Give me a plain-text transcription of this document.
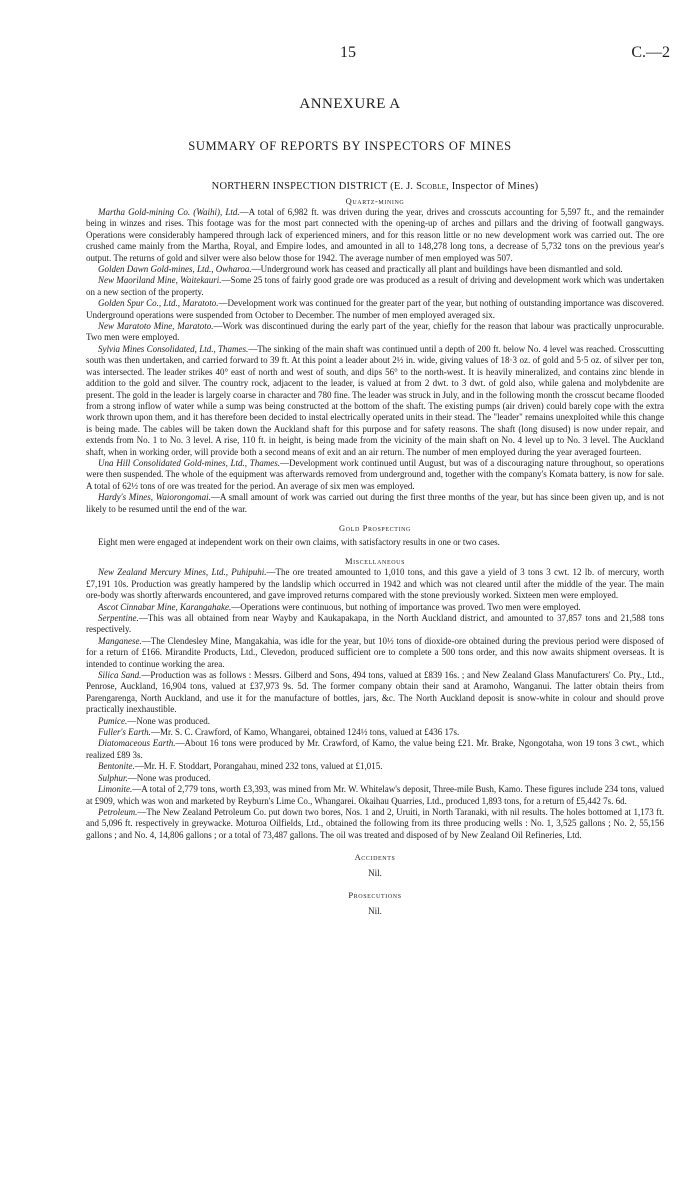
15	C.—2
ANNEXURE A
SUMMARY OF REPORTS BY INSPECTORS OF MINES
NORTHERN INSPECTION DISTRICT (E. J. Scoble, Inspector of Mines)
Quartz-mining

Martha Gold-mining Co. (Waihi), Ltd.—A total of 6,982 ft. was driven during the year, drives and crosscuts accounting for 5,597 ft., and the remainder being in winzes and rises. This footage was for the most part connected with the opening-up of arches and pillars and the driving of footwall gangways. Operations were considerably hampered through lack of experienced miners, and for this reason little or no new development work was carried out. The ore crushed came mainly from the Martha, Royal, and Empire lodes, and amounted in all to 148,278 long tons, a decrease of 5,732 tons on the previous year's output. The returns of gold and silver were also below those for 1942. The average number of men employed was 507.

Golden Dawn Gold-mines, Ltd., Owharoa.—Underground work has ceased and practically all plant and buildings have been dismantled and sold.

New Maoriland Mine, Waitekauri.—Some 25 tons of fairly good grade ore was produced as a result of driving and development work which was undertaken on a new section of the property.

Golden Spur Co., Ltd., Maratoto.—Development work was continued for the greater part of the year, but nothing of outstanding importance was discovered. Underground operations were suspended from October to December. The number of men employed averaged six.

New Maratoto Mine, Maratoto.—Work was discontinued during the early part of the year, chiefly for the reason that labour was practically unprocurable. Two men were employed.

Sylvia Mines Consolidated, Ltd., Thames.—The sinking of the main shaft was continued until a depth of 200 ft. below No. 4 level was reached. Crosscutting south was then undertaken, and carried forward to 39 ft. At this point a leader about 2½ in. wide, giving values of 18·3 oz. of gold and 5·5 oz. of silver per ton, was intersected. The leader strikes 40° east of north and west of south, and dips 56° to the north-west. It is heavily mineralized, and contains zinc blende in addition to the gold and silver. The country rock, adjacent to the leader, is valued at from 2 dwt. to 3 dwt. of gold also, while galena and molybdenite are present. The gold in the leader is largely coarse in character and 780 fine. The leader was struck in July, and in the following month the crosscut became flooded from a strong inflow of water while a sump was being constructed at the bottom of the shaft. The existing pumps (air driven) could barely cope with the extra work thrown upon them, and it has therefore been decided to instal electrically operated units in their stead. The "leader" remains unexploited while this change is being made. The cables will be taken down the Auckland shaft for this purpose and for safety reasons. The shaft (long disused) is now under repair, and extends from No. 1 to No. 3 level. A rise, 110 ft. in height, is being made from the vicinity of the main shaft on No. 4 level up to No. 3 level. The Auckland shaft, when in working order, will provide both a second means of exit and an air return. The number of men employed during the year averaged fourteen.

Una Hill Consolidated Gold-mines, Ltd., Thames.—Development work continued until August, but was of a discouraging nature throughout, so operations were then suspended. The whole of the equipment was afterwards removed from underground and, together with the company's Komata battery, is now for sale. A total of 62½ tons of ore was treated for the period. An average of six men was employed.

Hardy's Mines, Waiorongomai.—A small amount of work was carried out during the first three months of the year, but has since been given up, and is not likely to be resumed until the end of the war.

Gold Prospecting

Eight men were engaged at independent work on their own claims, with satisfactory results in one or two cases.

Miscellaneous

New Zealand Mercury Mines, Ltd., Puhipuhi.—The ore treated amounted to 1,010 tons, and this gave a yield of 3 tons 3 cwt. 12 lb. of mercury, worth £7,191 10s. Production was greatly hampered by the landslip which occurred in 1942 and which was not cleared until after the middle of the year. The main ore-body was shortly afterwards encountered, and gave improved returns compared with the stone previously worked. Sixteen men were employed.

Ascot Cinnabar Mine, Karangahake.—Operations were continuous, but nothing of importance was proved. Two men were employed.

Serpentine.—This was all obtained from near Wayby and Kaukapakapa, in the North Auckland district, and amounted to 37,857 tons and 21,588 tons respectively.

Manganese.—The Clendesley Mine, Mangakahia, was idle for the year, but 10½ tons of dioxide-ore obtained during the previous period were disposed of for a return of £166. Mirandite Products, Ltd., Clevedon, produced sufficient ore to complete a 500 tons order, and this now awaits shipment overseas. It is intended to continue working the area.

Silica Sand.—Production was as follows : Messrs. Gilberd and Sons, 494 tons, valued at £839 16s. ; and New Zealand Glass Manufacturers' Co. Pty., Ltd., Penrose, Auckland, 16,904 tons, valued at £37,973 9s. 5d. The former company obtain their sand at Aramoho, Wanganui. The latter obtain theirs from Parengarenga, North Auckland, and use it for the manufacture of bottles, jars, &c. The North Auckland deposit is snow-white in colour and should prove practically inexhaustible.

Pumice.—None was produced.

Fuller's Earth.—Mr. S. C. Crawford, of Kamo, Whangarei, obtained 124½ tons, valued at £436 17s.

Diatomaceous Earth.—About 16 tons were produced by Mr. Crawford, of Kamo, the value being £21. Mr. Brake, Ngongotaha, won 19 tons 3 cwt., which realized £89 3s.

Bentonite.—Mr. H. F. Stoddart, Porangahau, mined 232 tons, valued at £1,015.

Sulphur.—None was produced.

Limonite.—A total of 2,779 tons, worth £3,393, was mined from Mr. W. Whitelaw's deposit, Three-mile Bush, Kamo. These figures include 234 tons, valued at £909, which was won and marketed by Reyburn's Lime Co., Whangarei. Okaihau Quarries, Ltd., produced 1,893 tons, for a return of £5,442 7s. 6d.

Petroleum.—The New Zealand Petroleum Co. put down two bores, Nos. 1 and 2, Uruiti, in North Taranaki, with nil results. The holes bottomed at 1,173 ft. and 5,096 ft. respectively in greywacke. Moturoa Oilfields, Ltd., obtained the following from its three producing wells : No. 1, 3,525 gallons ; No. 2, 55,156 gallons ; and No. 4, 14,806 gallons ; or a total of 73,487 gallons. The oil was treated and disposed of by New Zealand Oil Refineries, Ltd.

Accidents
Nil.
Prosecutions
Nil.
